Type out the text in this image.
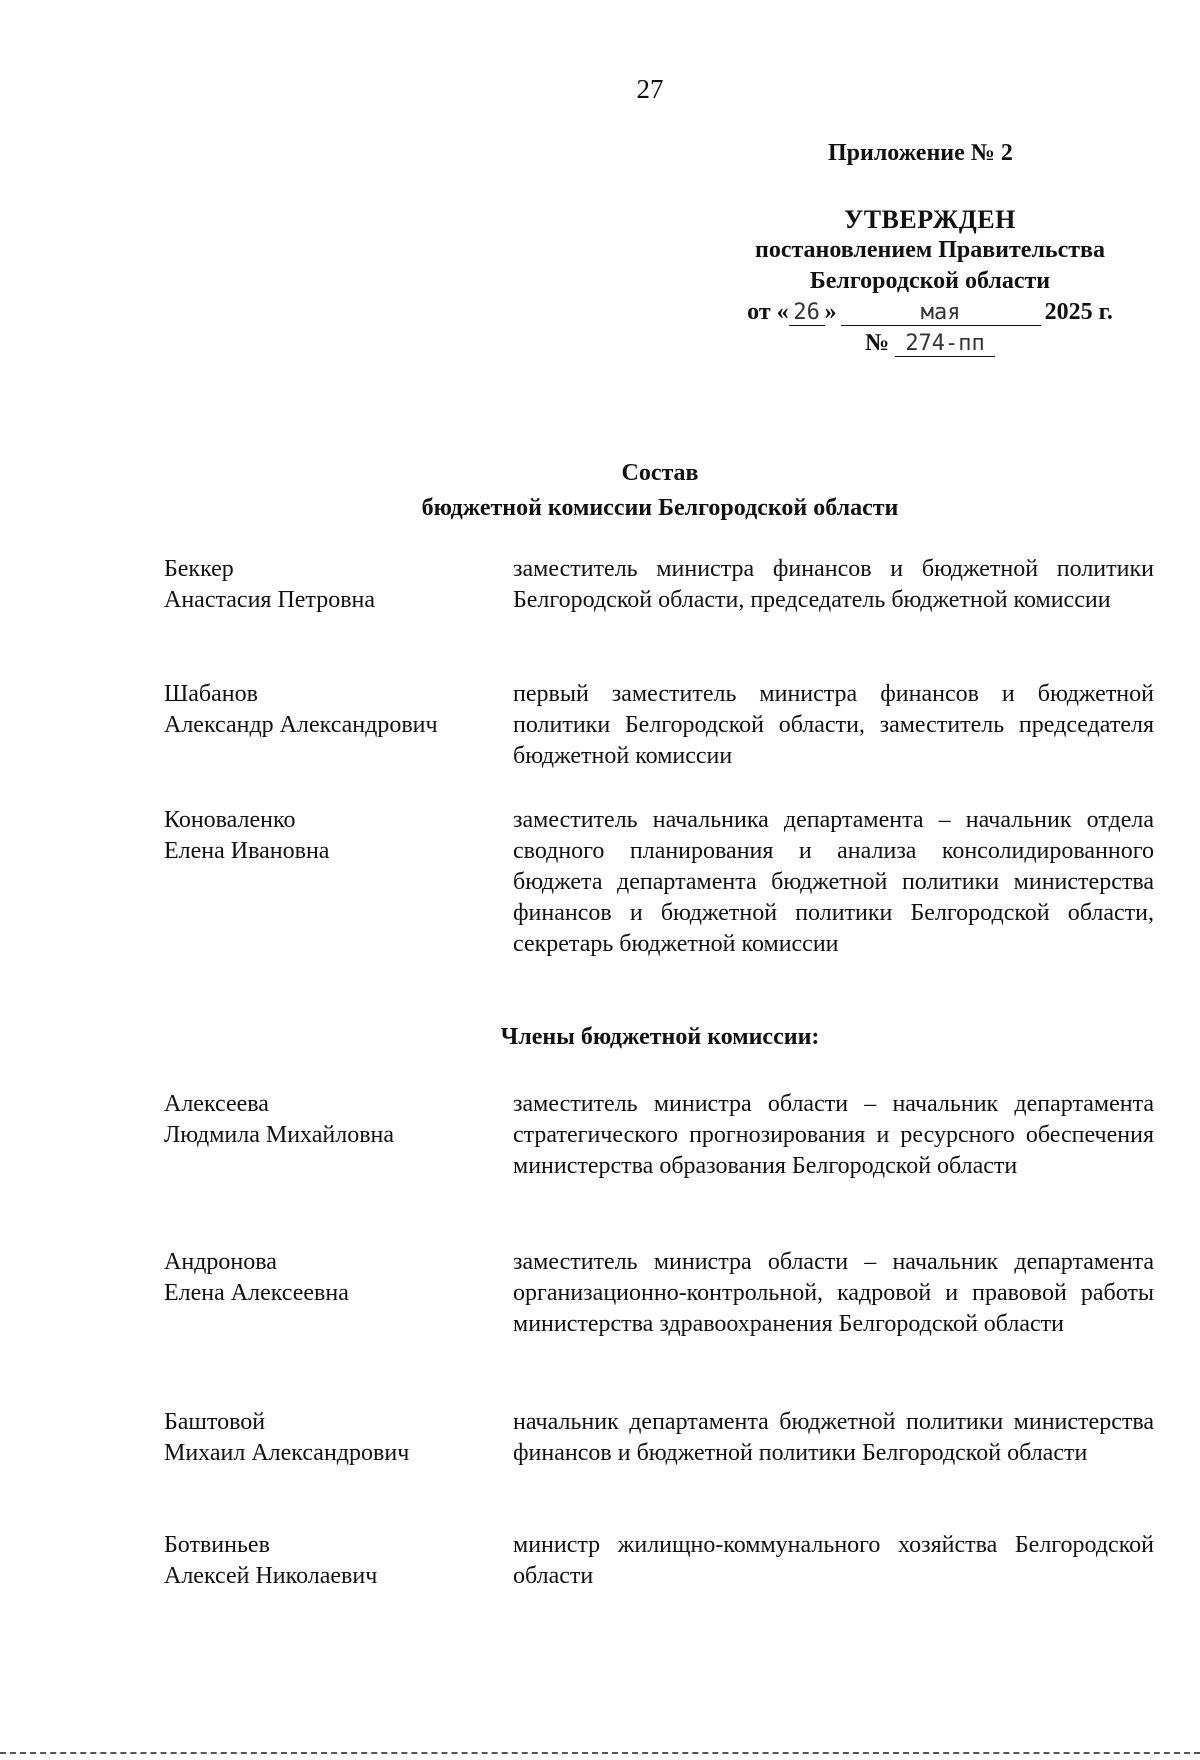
27
Приложение № 2
УТВЕРЖДЕН
постановлением Правительства
Белгородской области
от « 26 »	мая	2025 г.
№ 274-пп
Состав
бюджетной комиссии Белгородской области
Беккер
Анастасия Петровна
заместитель министра финансов и бюджетной политики Белгородской области, председатель бюджетной комиссии
Шабанов
Александр Александрович
первый заместитель министра финансов и бюджетной политики Белгородской области, заместитель председателя бюджетной комиссии
Коноваленко
Елена Ивановна
заместитель начальника департамента – начальник отдела сводного планирования и анализа консолидированного бюджета департамента бюджетной политики министерства финансов и бюджетной политики Белгородской области, секретарь бюджетной комиссии
Члены бюджетной комиссии:
Алексеева
Людмила Михайловна
заместитель министра области – начальник департамента стратегического прогнозирования и ресурсного обеспечения министерства образования Белгородской области
Андронова
Елена Алексеевна
заместитель министра области – начальник департамента организационно-контрольной, кадровой и правовой работы министерства здравоохранения Белгородской области
Баштовой
Михаил Александрович
начальник департамента бюджетной политики министерства финансов и бюджетной политики Белгородской области
Ботвиньев
Алексей Николаевич
министр жилищно-коммунального хозяйства Белгородской области
